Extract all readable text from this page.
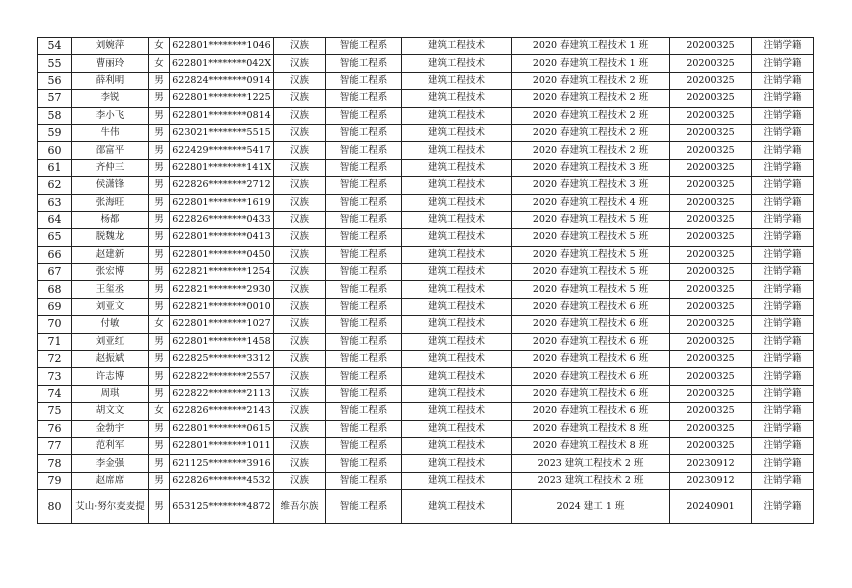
54	刘婉萍	女	622801********1046	汉族	智能工程系	建筑工程技术	2020 春建筑工程技术 1 班	20200325	注销学籍
55	曹丽玲	女	622801********042X	汉族	智能工程系	建筑工程技术	2020 春建筑工程技术 1 班	20200325	注销学籍
56	薛利明	男	622824********0914	汉族	智能工程系	建筑工程技术	2020 春建筑工程技术 2 班	20200325	注销学籍
57	李锐	男	622801********1225	汉族	智能工程系	建筑工程技术	2020 春建筑工程技术 2 班	20200325	注销学籍
58	李小飞	男	622801********0814	汉族	智能工程系	建筑工程技术	2020 春建筑工程技术 2 班	20200325	注销学籍
59	牛伟	男	623021********5515	汉族	智能工程系	建筑工程技术	2020 春建筑工程技术 2 班	20200325	注销学籍
60	邵富平	男	622429********5417	汉族	智能工程系	建筑工程技术	2020 春建筑工程技术 2 班	20200325	注销学籍
61	齐仲三	男	622801********141X	汉族	智能工程系	建筑工程技术	2020 春建筑工程技术 3 班	20200325	注销学籍
62	侯潇锋	男	622826********2712	汉族	智能工程系	建筑工程技术	2020 春建筑工程技术 3 班	20200325	注销学籍
63	张海旺	男	622801********1619	汉族	智能工程系	建筑工程技术	2020 春建筑工程技术 4 班	20200325	注销学籍
64	杨都	男	622826********0433	汉族	智能工程系	建筑工程技术	2020 春建筑工程技术 5 班	20200325	注销学籍
65	脱魏龙	男	622801********0413	汉族	智能工程系	建筑工程技术	2020 春建筑工程技术 5 班	20200325	注销学籍
66	赵建新	男	622801********0450	汉族	智能工程系	建筑工程技术	2020 春建筑工程技术 5 班	20200325	注销学籍
67	张宏博	男	622821********1254	汉族	智能工程系	建筑工程技术	2020 春建筑工程技术 5 班	20200325	注销学籍
68	王玺丞	男	622821********2930	汉族	智能工程系	建筑工程技术	2020 春建筑工程技术 5 班	20200325	注销学籍
69	刘亚文	男	622821********0010	汉族	智能工程系	建筑工程技术	2020 春建筑工程技术 6 班	20200325	注销学籍
70	付敏	女	622801********1027	汉族	智能工程系	建筑工程技术	2020 春建筑工程技术 6 班	20200325	注销学籍
71	刘亚红	男	622801********1458	汉族	智能工程系	建筑工程技术	2020 春建筑工程技术 6 班	20200325	注销学籍
72	赵振斌	男	622825********3312	汉族	智能工程系	建筑工程技术	2020 春建筑工程技术 6 班	20200325	注销学籍
73	许志博	男	622822********2557	汉族	智能工程系	建筑工程技术	2020 春建筑工程技术 6 班	20200325	注销学籍
74	周琪	男	622822********2113	汉族	智能工程系	建筑工程技术	2020 春建筑工程技术 6 班	20200325	注销学籍
75	胡文文	女	622826********2143	汉族	智能工程系	建筑工程技术	2020 春建筑工程技术 6 班	20200325	注销学籍
76	金勃宇	男	622801********0615	汉族	智能工程系	建筑工程技术	2020 春建筑工程技术 8 班	20200325	注销学籍
77	范利军	男	622801********1011	汉族	智能工程系	建筑工程技术	2020 春建筑工程技术 8 班	20200325	注销学籍
78	李金强	男	621125********3916	汉族	智能工程系	建筑工程技术	2023 建筑工程技术 2 班	20230912	注销学籍
79	赵席席	男	622826********4532	汉族	智能工程系	建筑工程技术	2023 建筑工程技术 2 班	20230912	注销学籍
80	艾山·努尔麦麦提	男	653125********4872	维吾尔族	智能工程系	建筑工程技术	2024 建工 1 班	20240901	注销学籍
